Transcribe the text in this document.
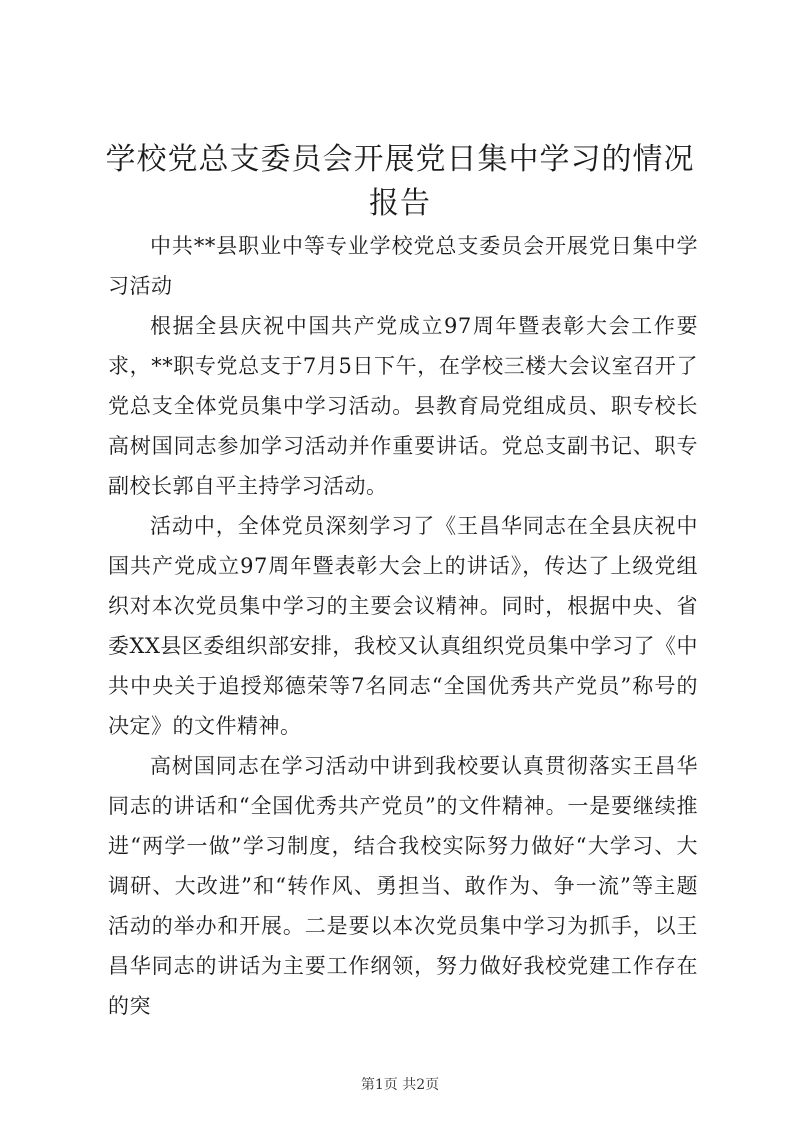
学校党总支委员会开展党日集中学习的情况报告

中共**县职业中等专业学校党总支委员会开展党日集中学习活动

根据全县庆祝中国共产党成立97周年暨表彰大会工作要求，**职专党总支于7月5日下午，在学校三楼大会议室召开了党总支全体党员集中学习活动。县教育局党组成员、职专校长高树国同志参加学习活动并作重要讲话。党总支副书记、职专副校长郭自平主持学习活动。

活动中，全体党员深刻学习了《王昌华同志在全县庆祝中国共产党成立97周年暨表彰大会上的讲话》，传达了上级党组织对本次党员集中学习的主要会议精神。同时，根据中央、省委XX县区委组织部安排，我校又认真组织党员集中学习了《中共中央关于追授郑德荣等7名同志“全国优秀共产党员”称号的决定》的文件精神。

高树国同志在学习活动中讲到我校要认真贯彻落实王昌华同志的讲话和“全国优秀共产党员”的文件精神。一是要继续推进“两学一做”学习制度，结合我校实际努力做好“大学习、大调研、大改进”和“转作风、勇担当、敢作为、争一流”等主题活动的举办和开展。二是要以本次党员集中学习为抓手，以王昌华同志的讲话为主要工作纲领，努力做好我校党建工作存在的突

第1页 共2页
